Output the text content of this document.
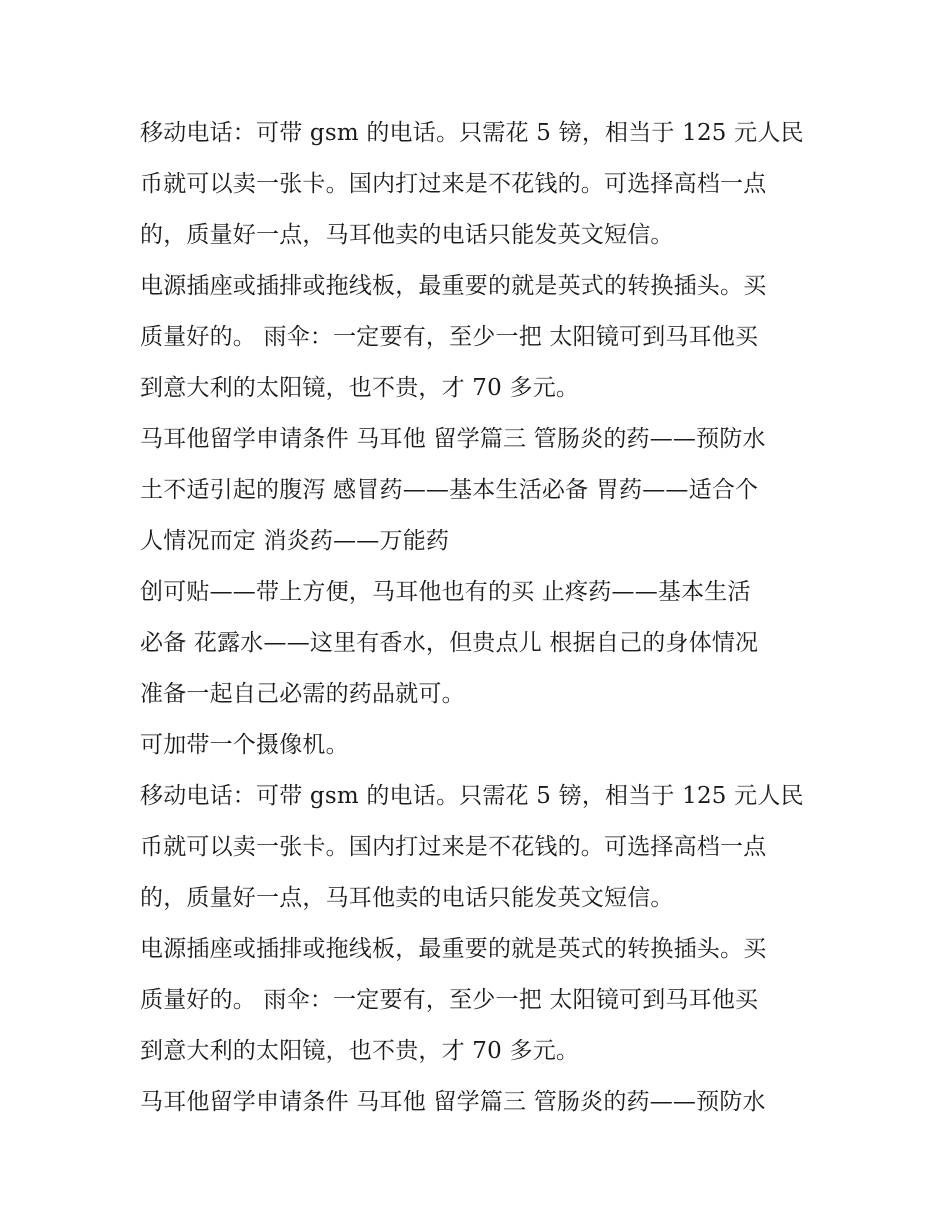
移动电话：可带 gsm 的电话。只需花 5 镑，相当于 125 元人民
币就可以卖一张卡。国内打过来是不花钱的。可选择高档一点
的，质量好一点，马耳他卖的电话只能发英文短信。

电源插座或插排或拖线板，最重要的就是英式的转换插头。买
质量好的。 雨伞：一定要有，至少一把 太阳镜可到马耳他买
到意大利的太阳镜，也不贵，才 70 多元。

马耳他留学申请条件 马耳他 留学篇三 管肠炎的药——预防水
土不适引起的腹泻 感冒药——基本生活必备 胃药——适合个
人情况而定 消炎药——万能药

创可贴——带上方便，马耳他也有的买 止疼药——基本生活
必备 花露水——这里有香水，但贵点儿 根据自己的身体情况
准备一起自己必需的药品就可。

可加带一个摄像机。

移动电话：可带 gsm 的电话。只需花 5 镑，相当于 125 元人民
币就可以卖一张卡。国内打过来是不花钱的。可选择高档一点
的，质量好一点，马耳他卖的电话只能发英文短信。

电源插座或插排或拖线板，最重要的就是英式的转换插头。买
质量好的。 雨伞：一定要有，至少一把 太阳镜可到马耳他买
到意大利的太阳镜，也不贵，才 70 多元。

马耳他留学申请条件 马耳他 留学篇三 管肠炎的药——预防水
